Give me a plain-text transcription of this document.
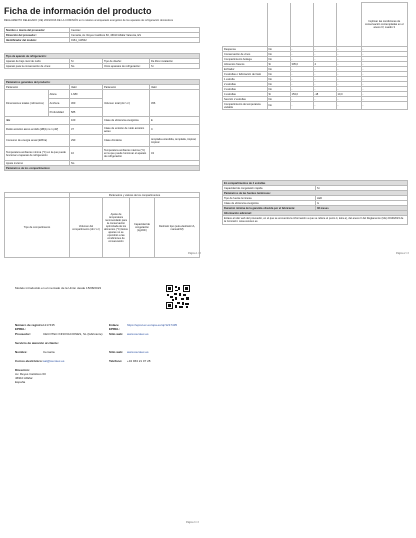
Ficha de información del producto
REGLAMENTO DELEGADO (UE) 2019/2016 DE LA COMISIÓN en lo relativo al etiquetado energético de los aparatos de refrigeración domésticos
Nombre o marca del proveedor:	Cecotec
Dirección del proveedor:	Cemarta, Av. Reyes Católicos 60, 46910 Alfafar Valencia, ES
Identificador del modelo:	0161_110542
Tipo de aparato de refrigeración:			
Aparato de bajo nivel de ruido:	Sí	Tipo de diseño:	De libre instalación
Aparato para la conservación de vinos:	No	Otros aparatos de refrigeración:	Sí
Parámetros generales del producto:				
Parámetro		Valor	Parámetro	Valor
Dimensiones totales (milímetros)	Altura	1.680	Volumen total (dm³ o l)	456
	Anchura	300		
	Profundidad	585		
IEE		100	Clase de eficiencia energética	E
Ruido acústico aéreo emitido [dB(A) re 1 pW]		37	Clase de emisión de ruido acústico aéreo	C
Consumo de energía anual (kWh/a)		290	Clase climática:	templada extendida, templada, tropical, tropical
Temperatura ambiente mínima (°C) en la que puede funcionar el aparato de refrigeración		10	Temperatura ambiente máxima (°C) en la que puede funcionar el aparato de refrigeración	43
Ajuste invierno		No		
Parámetros de los compartimentos:				
	Parámetros y valores de los compartimentos			
Tipo de compartimento	Volumen del compartimento (dm³ o l)	Ajuste de temperatura recomendado para la conservación optimizada de los alimentos (°C) Estos ajustes no se opondrán a las condiciones de conservación	Capacidad de congelación (kg/24h)	Deshielo tipo (auto-deshielo=A, manual=M)
Página 1 / 3
					Implícan las condiciones de conservación contempladas en el anexo IV, cuadro 3
Despensa	No	-	-	-	-
Conservación de vinos	No	-	-	-	-
Compartimiento bodega	No	-	-	-	-
Alimentos frescos	Sí	305,0	4	-	-
Enfriador	No	-	-	-	-
0 estrellas o fabricación de hielo	No	-	-	-	-
1 estrella	No	-	-	-	-
2 estrellas	No	-	-	-	-
3 estrellas	No	-	-	-	-
4 estrellas	Sí	153,0	-18	10,0	-
Sección 2 estrellas	No	-	-	-	-
Compartimiento de temperatura variable	No	-	-	-	-
En compartimentos de 4 estrellas	
Capacidad de congelación rápida	Sí
Parámetros de las fuentes luminosas:	
Tipo de fuente luminosa	LED
Clase de eficiencia energética	G
Duración mínima de la garantía ofrecida por el fabricante:	36 meses
Información adicional:	
Enlace al sitio web del proveedor, en el que se encuentra la información a que se refiere el punto 4, letra a), del anexo II del Reglamento (UE) 2019/2023 de la Comisión: www.cecotec.es	
Página 2 / 3
Modelo introducido en el mercado de la Unión desde 15/08/2023
Número de registro EPREL:
1217435	Enlace EPREL:
https://eprel.ec.europa.eu/qr/1217435
Proveedor:	CECOTEC INNOVACIONES, SL (fabricante)	Sitio web:	www.cecotec.es
Servicio de atención al cliente:
Nombre:	Cemarta	Sitio web:	www.cecotec.es
Correo electrónico: sat@cecotec.es	Teléfono:	+34 963 21 07 28
Dirección:
Av. Reyes Católicos 60
46910 Alfafar
España
Página 3 / 3
